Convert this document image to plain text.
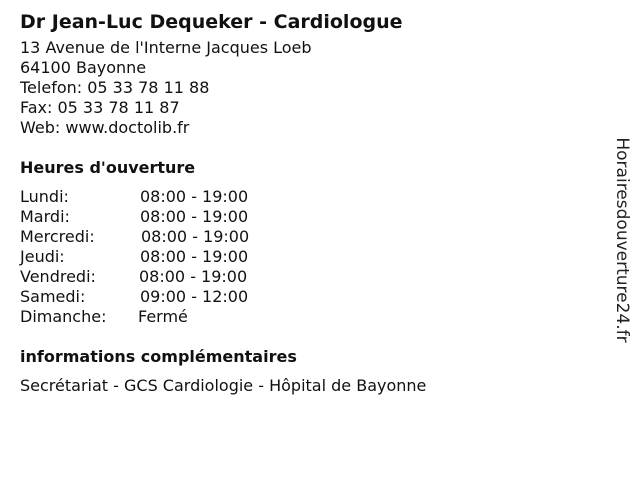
Dr Jean-Luc Dequeker - Cardiologue
13 Avenue de l'Interne Jacques Loeb
64100 Bayonne
Telefon: 05 33 78 11 88
Fax: 05 33 78 11 87
Web: www.doctolib.fr
Heures d'ouverture
Lundi:	08:00 - 19:00
Mardi:	08:00 - 19:00
Mercredi:	08:00 - 19:00
Jeudi:	08:00 - 19:00
Vendredi:	08:00 - 19:00
Samedi:	09:00 - 12:00
Dimanche: Fermé
informations complémentaires
Secrétariat - GCS Cardiologie - Hôpital de Bayonne
Horairesdouverture24.fr
